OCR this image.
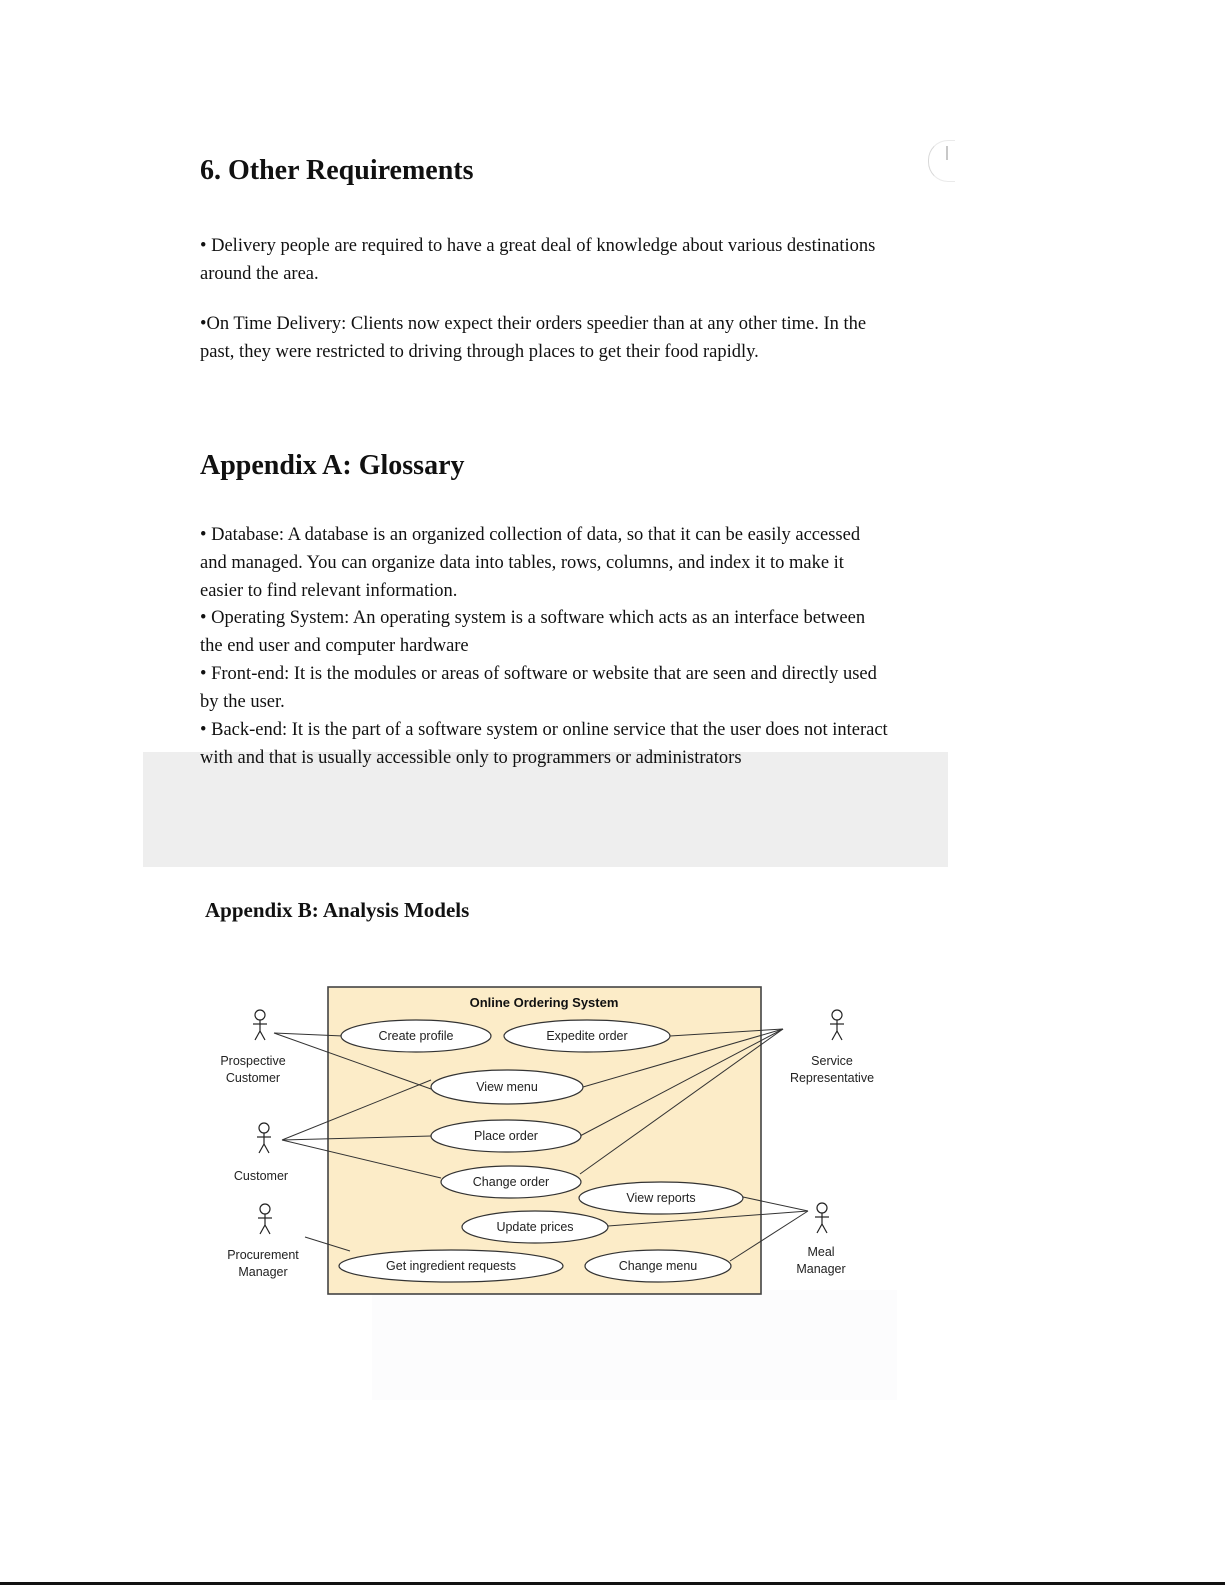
6. Other Requirements

• Delivery people are required to have a great deal of knowledge about various destinations around the area.

•On Time Delivery: Clients now expect their orders speedier than at any other time. In the past, they were restricted to driving through places to get their food rapidly.

Appendix A: Glossary

• Database: A database is an organized collection of data, so that it can be easily accessed and managed. You can organize data into tables, rows, columns, and index it to make it easier to find relevant information.

• Operating System: An operating system is a software which acts as an interface between the end user and computer hardware

• Front-end: It is the modules or areas of software or website that are seen and directly used by the user.

• Back-end: It is the part of a software system or online service that the user does not interact with and that is usually accessible only to programmers or administrators

Appendix B: Analysis Models
Online Ordering System
Create profile	Expedite order
View menu
Place order
Change order
View reports
Update prices
Get ingredient requests	Change menu
Prospective
Customer
Customer
Procurement
Manager
Service
Representative
Meal
Manager
